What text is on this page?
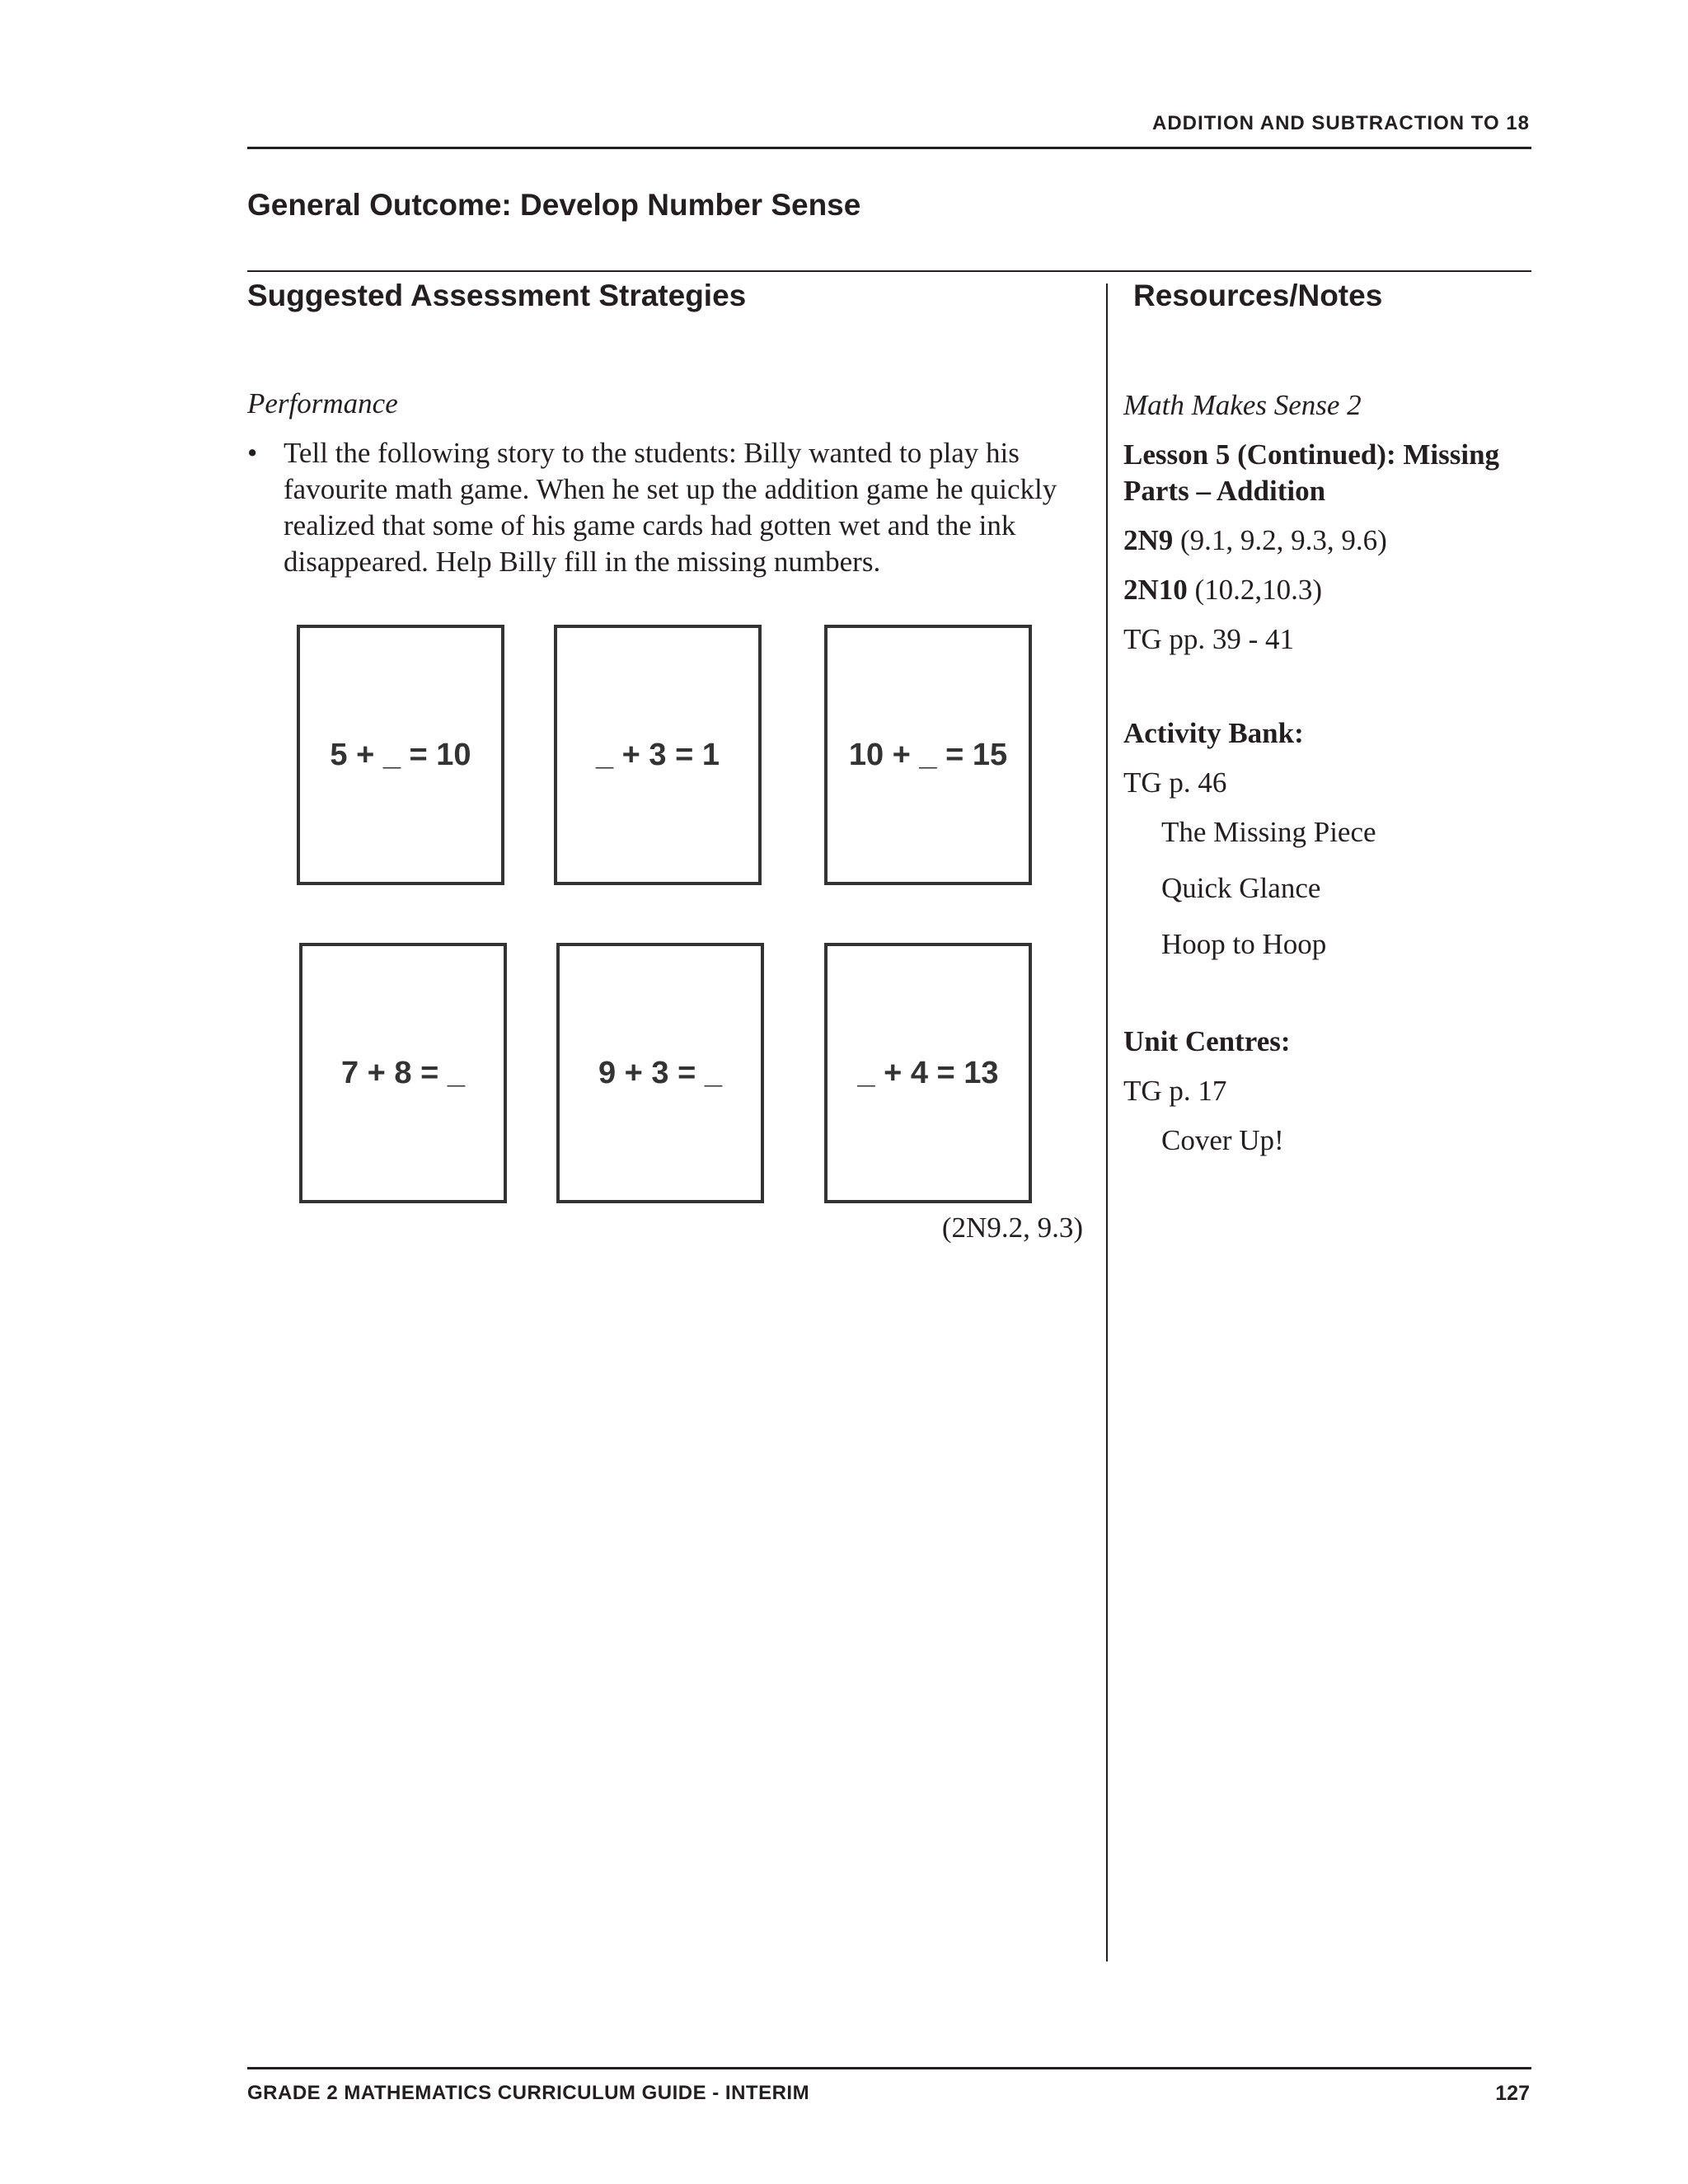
ADDITION AND SUBTRACTION TO 18
General Outcome: Develop Number Sense
Suggested Assessment Strategies	Resources/Notes

Performance

• Tell the following story to the students: Billy wanted to play his favourite math game. When he set up the addition game he quickly realized that some of his game cards had gotten wet and the ink disappeared. Help Billy fill in the missing numbers.
5 + _ = 10	_ + 3 = 1	10 + _ = 15
7 + 8 = _	9 + 3 = _	_ + 4 = 13
(2N9.2, 9.3)

Math Makes Sense 2

Lesson 5 (Continued): Missing Parts – Addition

2N9 (9.1, 9.2, 9.3, 9.6)

2N10 (10.2,10.3)

TG pp. 39 - 41

Activity Bank:

TG p. 46

The Missing Piece

Quick Glance

Hoop to Hoop

Unit Centres:

TG p. 17

Cover Up!

GRADE 2 MATHEMATICS CURRICULUM GUIDE - INTERIM	127
